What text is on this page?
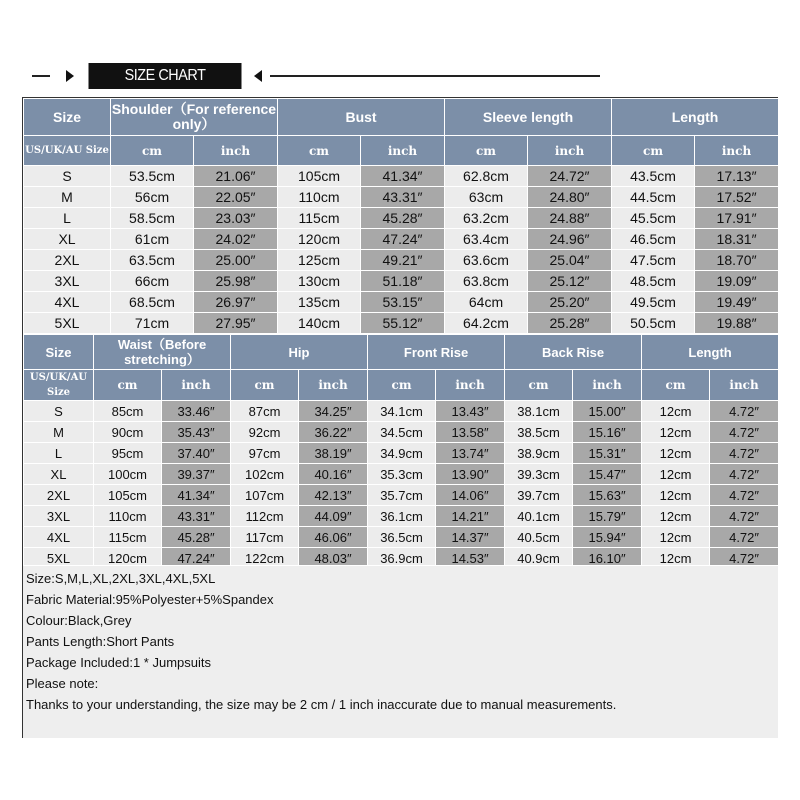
SIZE CHART
Size	Shoulder（For reference only）		Bust		Sleeve length		Length	
US/UK/AU Size	cm	inch	cm	inch	cm	inch	cm	inch
S	53.5cm	21.06″	105cm	41.34″	62.8cm	24.72″	43.5cm	17.13″
M	56cm	22.05″	110cm	43.31″	63cm	24.80″	44.5cm	17.52″
L	58.5cm	23.03″	115cm	45.28″	63.2cm	24.88″	45.5cm	17.91″
XL	61cm	24.02″	120cm	47.24″	63.4cm	24.96″	46.5cm	18.31″
2XL	63.5cm	25.00″	125cm	49.21″	63.6cm	25.04″	47.5cm	18.70″
3XL	66cm	25.98″	130cm	51.18″	63.8cm	25.12″	48.5cm	19.09″
4XL	68.5cm	26.97″	135cm	53.15″	64cm	25.20″	49.5cm	19.49″
5XL	71cm	27.95″	140cm	55.12″	64.2cm	25.28″	50.5cm	19.88″
Size	Waist（Before stretching）		Hip		Front Rise		Back Rise		Length	
US/UK/AU Size	cm	inch	cm	inch	cm	inch	cm	inch	cm	inch
S	85cm	33.46″	87cm	34.25″	34.1cm	13.43″	38.1cm	15.00″	12cm	4.72″
M	90cm	35.43″	92cm	36.22″	34.5cm	13.58″	38.5cm	15.16″	12cm	4.72″
L	95cm	37.40″	97cm	38.19″	34.9cm	13.74″	38.9cm	15.31″	12cm	4.72″
XL	100cm	39.37″	102cm	40.16″	35.3cm	13.90″	39.3cm	15.47″	12cm	4.72″
2XL	105cm	41.34″	107cm	42.13″	35.7cm	14.06″	39.7cm	15.63″	12cm	4.72″
3XL	110cm	43.31″	112cm	44.09″	36.1cm	14.21″	40.1cm	15.79″	12cm	4.72″
4XL	115cm	45.28″	117cm	46.06″	36.5cm	14.37″	40.5cm	15.94″	12cm	4.72″
5XL	120cm	47.24″	122cm	48.03″	36.9cm	14.53″	40.9cm	16.10″	12cm	4.72″
Size:S,M,L,XL,2XL,3XL,4XL,5XL
Fabric Material:95%Polyester+5%Spandex
Colour:Black,Grey
Pants Length:Short Pants
Package Included:1 * Jumpsuits
Please note:
Thanks to your understanding, the size may be 2 cm / 1 inch inaccurate due to manual measurements.
